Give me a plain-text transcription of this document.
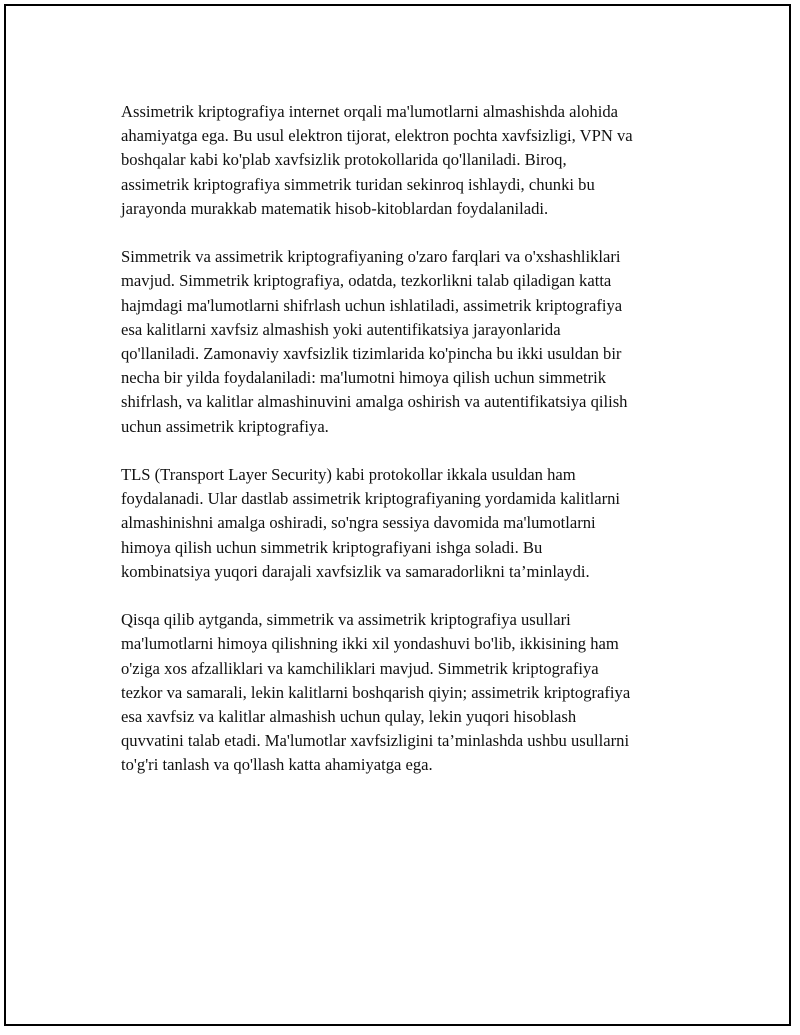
Assimetrik kriptografiya internet orqali ma'lumotlarni almashishda alohida
ahamiyatga ega. Bu usul elektron tijorat, elektron pochta xavfsizligi, VPN va
boshqalar kabi ko'plab xavfsizlik protokollarida qo'llaniladi. Biroq,
assimetrik kriptografiya simmetrik turidan sekinroq ishlaydi, chunki bu
jarayonda murakkab matematik hisob-kitoblardan foydalaniladi.

Simmetrik va assimetrik kriptografiyaning o'zaro farqlari va o'xshashliklari
mavjud. Simmetrik kriptografiya, odatda, tezkorlikni talab qiladigan katta
hajmdagi ma'lumotlarni shifrlash uchun ishlatiladi, assimetrik kriptografiya
esa kalitlarni xavfsiz almashish yoki autentifikatsiya jarayonlarida
qo'llaniladi. Zamonaviy xavfsizlik tizimlarida ko'pincha bu ikki usuldan bir
necha bir yilda foydalaniladi: ma'lumotni himoya qilish uchun simmetrik
shifrlash, va kalitlar almashinuvini amalga oshirish va autentifikatsiya qilish
uchun assimetrik kriptografiya.

TLS (Transport Layer Security) kabi protokollar ikkala usuldan ham
foydalanadi. Ular dastlab assimetrik kriptografiyaning yordamida kalitlarni
almashinishni amalga oshiradi, so'ngra sessiya davomida ma'lumotlarni
himoya qilish uchun simmetrik kriptografiyani ishga soladi. Bu
kombinatsiya yuqori darajali xavfsizlik va samaradorlikni ta’minlaydi.

Qisqa qilib aytganda, simmetrik va assimetrik kriptografiya usullari
ma'lumotlarni himoya qilishning ikki xil yondashuvi bo'lib, ikkisining ham
o'ziga xos afzalliklari va kamchiliklari mavjud. Simmetrik kriptografiya
tezkor va samarali, lekin kalitlarni boshqarish qiyin; assimetrik kriptografiya
esa xavfsiz va kalitlar almashish uchun qulay, lekin yuqori hisoblash
quvvatini talab etadi. Ma'lumotlar xavfsizligini ta’minlashda ushbu usullarni
to'g'ri tanlash va qo'llash katta ahamiyatga ega.
